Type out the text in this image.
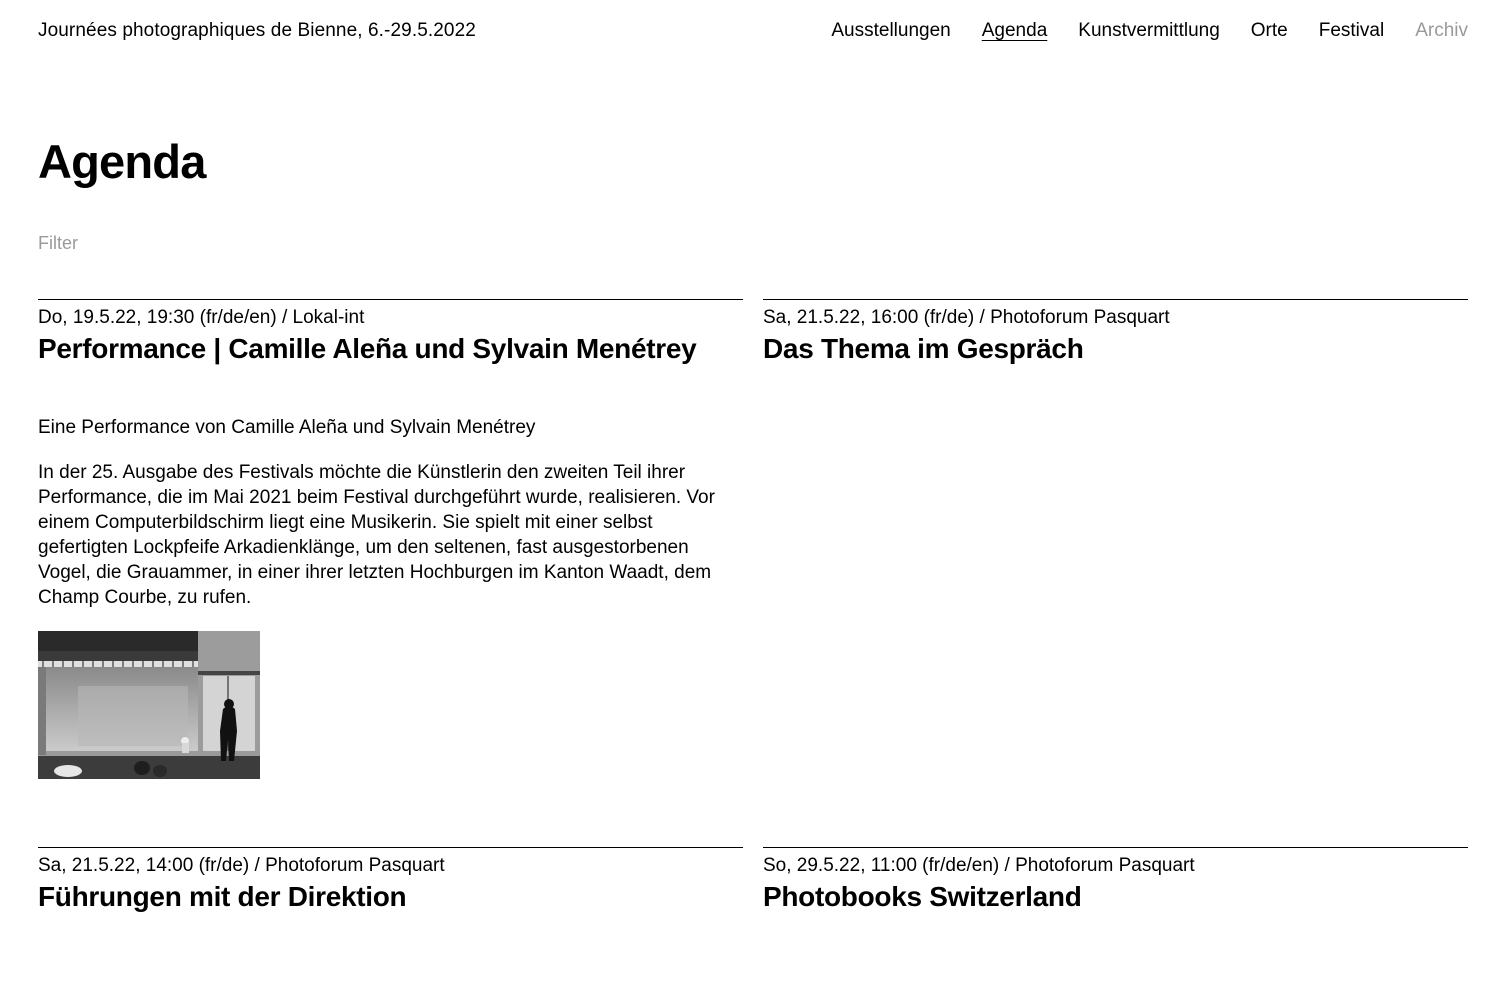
Journées photographiques de Bienne, 6.-29.5.2022	Ausstellungen Agenda Kunstvermittlung Orte Festival Archiv
Agenda
Filter
Do, 19.5.22, 19:30 (fr/de/en) / Lokal-int
Performance | Camille Aleña und Sylvain Menétrey
Eine Performance von Camille Aleña und Sylvain Menétrey
In der 25. Ausgabe des Festivals möchte die Künstlerin den zweiten Teil ihrer Performance, die im Mai 2021 beim Festival durchgeführt wurde, realisieren. Vor einem Computerbildschirm liegt eine Musikerin. Sie spielt mit einer selbst gefertigten Lockpfeife Arkadienklänge, um den seltenen, fast ausgestorbenen Vogel, die Grauammer, in einer ihrer letzten Hochburgen im Kanton Waadt, dem Champ Courbe, zu rufen.
Sa, 21.5.22, 16:00 (fr/de) / Photoforum Pasquart
Das Thema im Gespräch
Sa, 21.5.22, 14:00 (fr/de) / Photoforum Pasquart
Führungen mit der Direktion
So, 29.5.22, 11:00 (fr/de/en) / Photoforum Pasquart
Photobooks Switzerland
